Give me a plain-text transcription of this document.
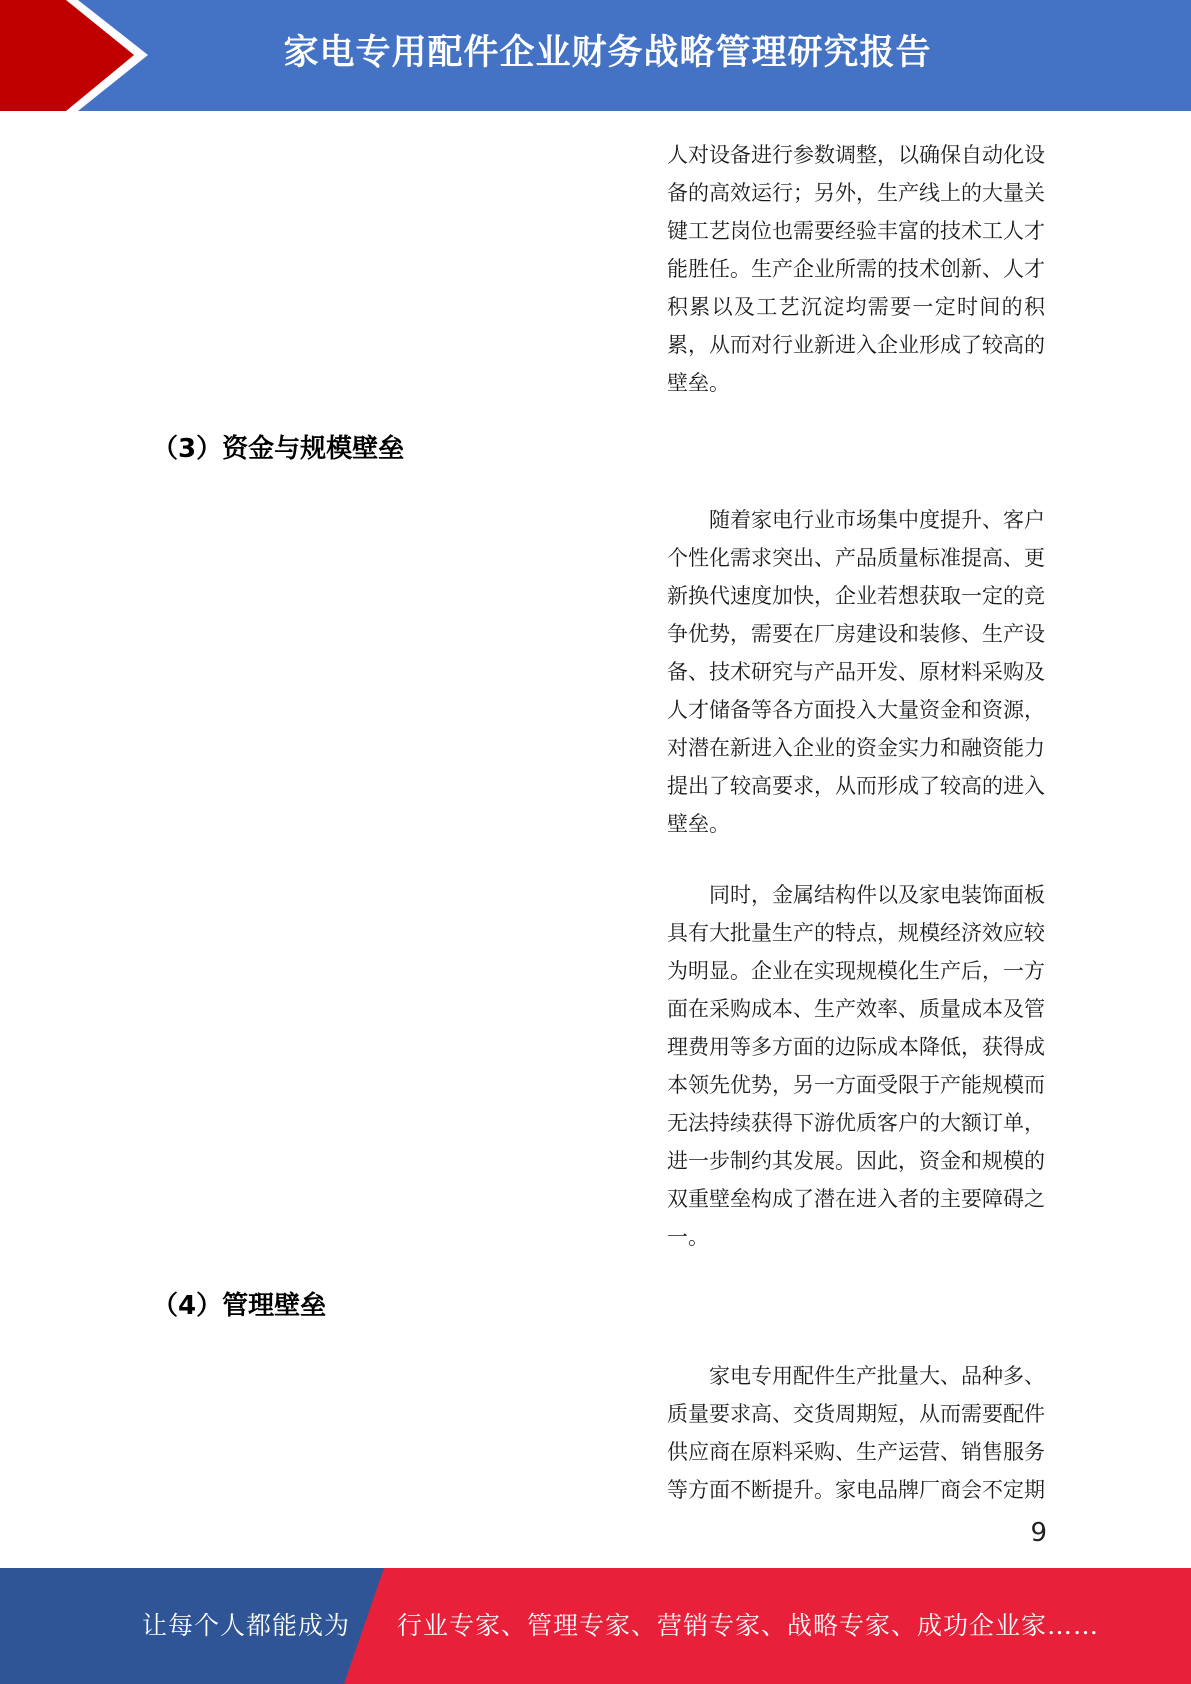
家电专用配件企业财务战略管理研究报告

人对设备进行参数调整，以确保自动化设备的高效运行；另外，生产线上的大量关键工艺岗位也需要经验丰富的技术工人才能胜任。生产企业所需的技术创新、人才积累以及工艺沉淀均需要一定时间的积累，从而对行业新进入企业形成了较高的壁垒。

（3）资金与规模壁垒

随着家电行业市场集中度提升、客户个性化需求突出、产品质量标准提高、更新换代速度加快，企业若想获取一定的竞争优势，需要在厂房建设和装修、生产设备、技术研究与产品开发、原材料采购及人才储备等各方面投入大量资金和资源，对潜在新进入企业的资金实力和融资能力提出了较高要求，从而形成了较高的进入壁垒。

同时，金属结构件以及家电装饰面板具有大批量生产的特点，规模经济效应较为明显。企业在实现规模化生产后，一方面在采购成本、生产效率、质量成本及管理费用等多方面的边际成本降低，获得成本领先优势，另一方面受限于产能规模而无法持续获得下游优质客户的大额订单，进一步制约其发展。因此，资金和规模的双重壁垒构成了潜在进入者的主要障碍之一。

（4）管理壁垒

家电专用配件生产批量大、品种多、质量要求高、交货周期短，从而需要配件供应商在原料采购、生产运营、销售服务等方面不断提升。家电品牌厂商会不定期

9
让每个人都能成为 行业专家、管理专家、营销专家、战略专家、成功企业家……
